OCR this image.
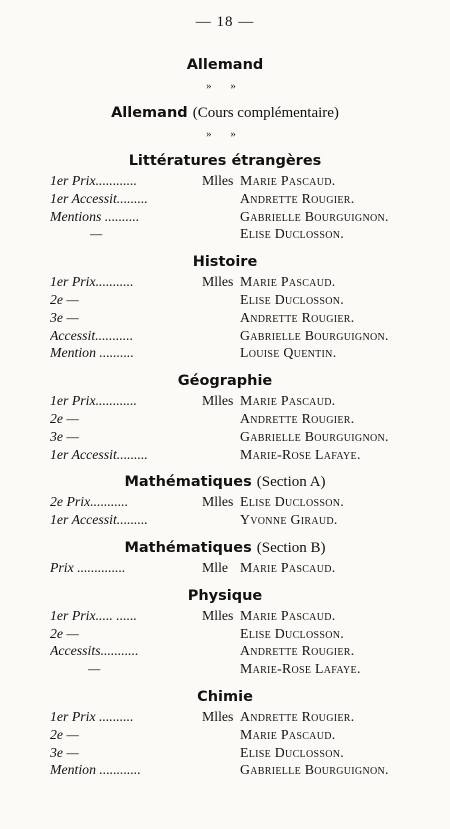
— 18 —
Allemand
» »
Allemand (Cours complémentaire)
» »
Littératures étrangères
1er Prix............	Mlles Marie Pascaud.
1er Accessit.........	Andrette Rougier.
Mentions ..........	Gabrielle Bourguignon.
—	Elise Duclosson.
Histoire
1er Prix...........	Mlles Marie Pascaud.
2e —	Elise Duclosson.
3e —	Andrette Rougier.
Accessit...........	Gabrielle Bourguignon.
Mention ..........	Louise Quentin.
Géographie
1er Prix............	Mlles Marie Pascaud.
2e —	Andrette Rougier.
3e —	Gabrielle Bourguignon.
1er Accessit.........	Marie-Rose Lafaye.
Mathématiques (Section A)
2e Prix...........	Mlles Elise Duclosson.
1er Accessit.........	Yvonne Giraud.
Mathématiques (Section B)
Prix ..............	Mlle Marie Pascaud.
Physique
1er Prix..... ......	Mlles Marie Pascaud.
2e —	Elise Duclosson.
Accessits...........	Andrette Rougier.
—	Marie-Rose Lafaye.
Chimie
1er Prix ..........	Mlles Andrette Rougier.
2e —	Marie Pascaud.
3e —	Elise Duclosson.
Mention ............	Gabrielle Bourguignon.
